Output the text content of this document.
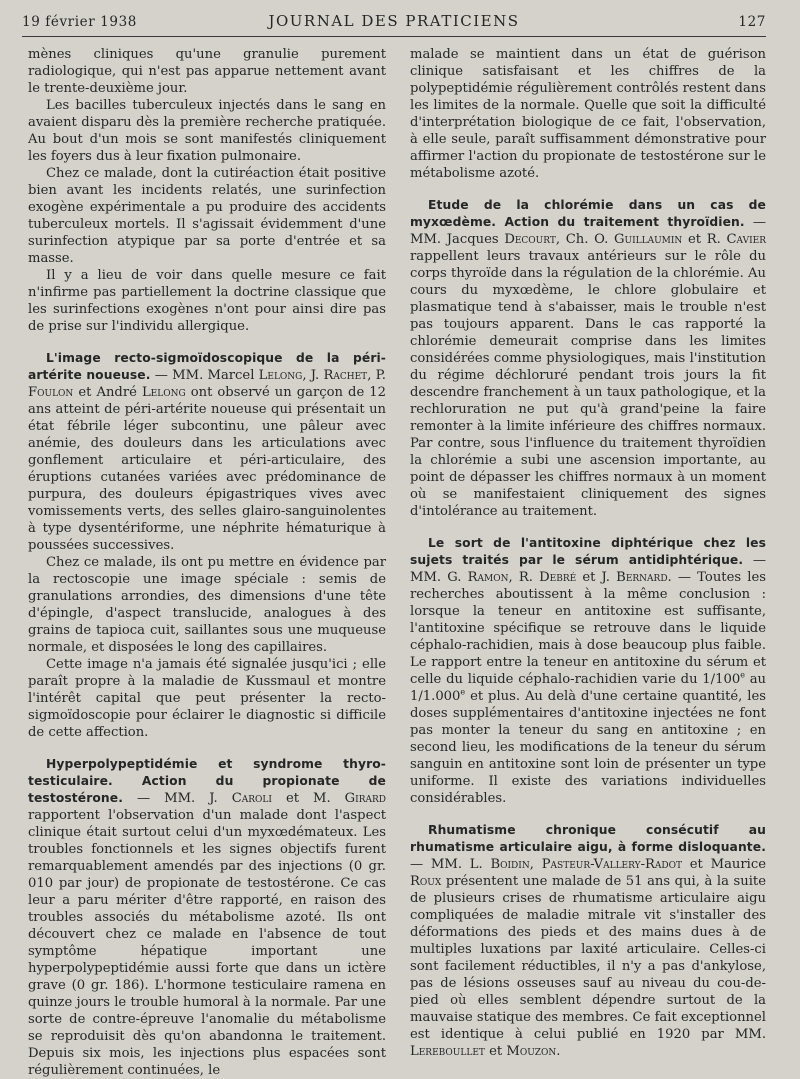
19 février 1938	JOURNAL DES PRATICIENS	127

mènes cliniques qu'une granulie purement radiologique, qui n'est pas apparue nettement avant le trente-deuxième jour.

Les bacilles tuberculeux injectés dans le sang en avaient disparu dès la première recherche pratiquée. Au bout d'un mois se sont manifestés cliniquement les foyers dus à leur fixation pulmonaire.

Chez ce malade, dont la cutiréaction était positive bien avant les incidents relatés, une surinfection exogène expérimentale a pu produire des accidents tuberculeux mortels. Il s'agissait évidemment d'une surinfection atypique par sa porte d'entrée et sa masse.

Il y a lieu de voir dans quelle mesure ce fait n'infirme pas partiellement la doctrine classique que les surinfections exogènes n'ont pour ainsi dire pas de prise sur l'individu allergique.

L'image recto-sigmoïdoscopique de la péri-artérite noueuse. — MM. Marcel Lelong, J. Rachet, P. Foulon et André Lelong ont observé un garçon de 12 ans atteint de péri-artérite noueuse qui présentait un état fébrile léger subcontinu, une pâleur avec anémie, des douleurs dans les articulations avec gonflement articulaire et péri-articulaire, des éruptions cutanées variées avec prédominance de purpura, des douleurs épigastriques vives avec vomissements verts, des selles glairo-sanguinolentes à type dysentériforme, une néphrite hématurique à poussées successives.

Chez ce malade, ils ont pu mettre en évidence par la rectoscopie une image spéciale : semis de granulations arrondies, des dimensions d'une tête d'épingle, d'aspect translucide, analogues à des grains de tapioca cuit, saillantes sous une muqueuse normale, et disposées le long des capillaires.

Cette image n'a jamais été signalée jusqu'ici ; elle paraît propre à la maladie de Kussmaul et montre l'intérêt capital que peut présenter la recto-sigmoïdoscopie pour éclairer le diagnostic si difficile de cette affection.

Hyperpolypeptidémie et syndrome thyro-testiculaire. Action du propionate de testostérone. — MM. J. Caroli et M. Girard rapportent l'observation d'un malade dont l'aspect clinique était surtout celui d'un myxœdémateux. Les troubles fonctionnels et les signes objectifs furent remarquablement amendés par des injections (0 gr. 010 par jour) de propionate de testostérone. Ce cas leur a paru mériter d'être rapporté, en raison des troubles associés du métabolisme azoté. Ils ont découvert chez ce malade en l'absence de tout symptôme hépatique important une hyperpolypeptidémie aussi forte que dans un ictère grave (0 gr. 186). L'hormone testiculaire ramena en quinze jours le trouble humoral à la normale. Par une sorte de contre-épreuve l'anomalie du métabolisme se reproduisit dès qu'on abandonna le traitement. Depuis six mois, les injections plus espacées sont régulièrement continuées, le

malade se maintient dans un état de guérison clinique satisfaisant et les chiffres de la polypeptidémie régulièrement contrôlés restent dans les limites de la normale. Quelle que soit la difficulté d'interprétation biologique de ce fait, l'observation, à elle seule, paraît suffisamment démonstrative pour affirmer l'action du propionate de testostérone sur le métabolisme azoté.

Etude de la chlorémie dans un cas de myxœdème. Action du traitement thyroïdien. — MM. Jacques Decourt, Ch. O. Guillaumin et R. Cavier rappellent leurs travaux antérieurs sur le rôle du corps thyroïde dans la régulation de la chlorémie. Au cours du myxœdème, le chlore globulaire et plasmatique tend à s'abaisser, mais le trouble n'est pas toujours apparent. Dans le cas rapporté la chlorémie demeurait comprise dans les limites considérées comme physiologiques, mais l'institution du régime déchloruré pendant trois jours la fit descendre franchement à un taux pathologique, et la rechloruration ne put qu'à grand'peine la faire remonter à la limite inférieure des chiffres normaux. Par contre, sous l'influence du traitement thyroïdien la chlorémie a subi une ascension importante, au point de dépasser les chiffres normaux à un moment où se manifestaient cliniquement des signes d'intolérance au traitement.

Le sort de l'antitoxine diphtérique chez les sujets traités par le sérum antidiphtérique. — MM. G. Ramon, R. Debré et J. Bernard. — Toutes les recherches aboutissent à la même conclusion : lorsque la teneur en antitoxine est suffisante, l'antitoxine spécifique se retrouve dans le liquide céphalo-rachidien, mais à dose beaucoup plus faible. Le rapport entre la teneur en antitoxine du sérum et celle du liquide céphalo-rachidien varie du 1/100e au 1/1.000e et plus. Au delà d'une certaine quantité, les doses supplémentaires d'antitoxine injectées ne font pas monter la teneur du sang en antitoxine ; en second lieu, les modifications de la teneur du sérum sanguin en antitoxine sont loin de présenter un type uniforme. Il existe des variations individuelles considérables.

Rhumatisme chronique consécutif au rhumatisme articulaire aigu, à forme disloquante. — MM. L. Boidin, Pasteur-Vallery-Radot et Maurice Roux présentent une malade de 51 ans qui, à la suite de plusieurs crises de rhumatisme articulaire aigu compliquées de maladie mitrale vit s'installer des déformations des pieds et des mains dues à de multiples luxations par laxité articulaire. Celles-ci sont facilement réductibles, il n'y a pas d'ankylose, pas de lésions osseuses sauf au niveau du cou-de-pied où elles semblent dépendre surtout de la mauvaise statique des membres. Ce fait exceptionnel est identique à celui publié en 1920 par MM. Lereboullet et Mouzon.
